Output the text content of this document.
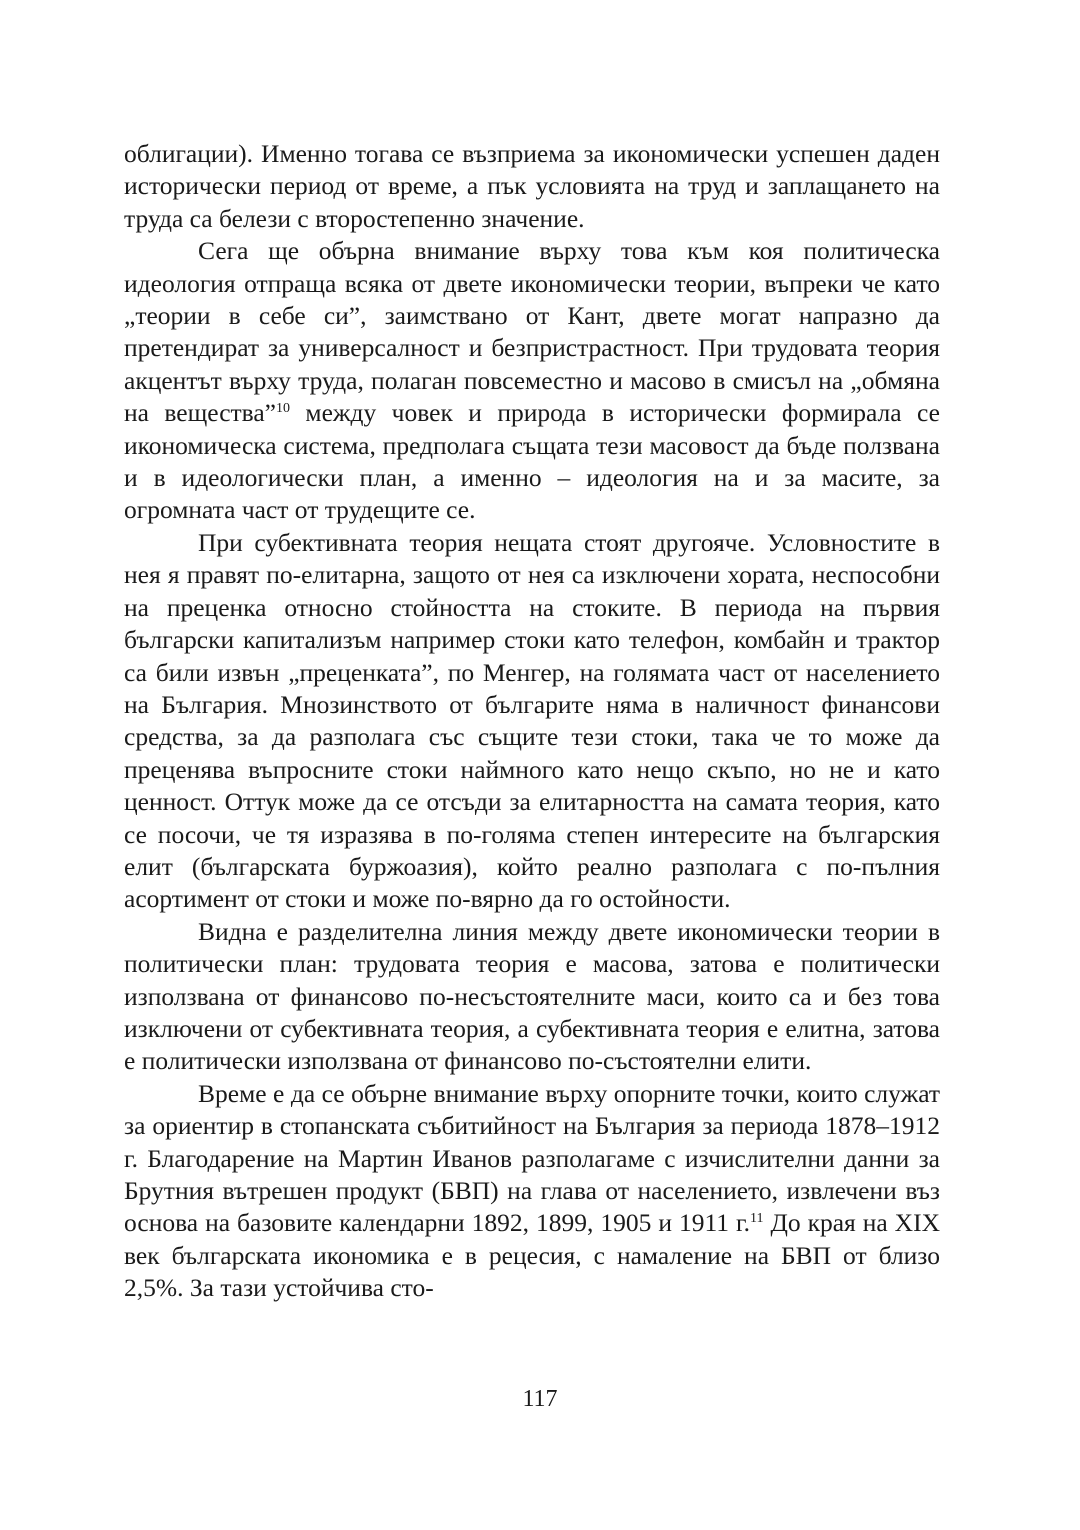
облигации). Именно тогава се възприема за икономически успешен даден исторически период от време, а пък условията на труд и заплащането на труда са белези с второстепенно значение.

Сега ще обърна внимание върху това към коя политическа идеология отпраща всяка от двете икономически теории, въпреки че като „теории в себе си”, заимствано от Кант, двете могат напразно да претендират за универсалност и безпристрастност. При трудовата теория акцентът върху труда, полаган повсеместно и масово в смисъл на „обмяна на вещества”$^{10}$ между човек и природа в исторически формирала се икономическа система, предполага същата тези масовост да бъде ползвана и в идеологически план, а именно – идеология на и за масите, за огромната част от трудещите се.

При субективната теория нещата стоят другояче. Условностите в нея я правят по-елитарна, защото от нея са изключени хората, неспособни на преценка относно стойността на стоките. В периода на първия български капитализъм например стоки като телефон, комбайн и трактор са били извън „преценката”, по Менгер, на голямата част от населението на България. Мнозинството от българите няма в наличност финансови средства, за да разполага със същите тези стоки, така че то може да преценява въпросните стоки наймного като нещо скъпо, но не и като ценност. Оттук може да се отсъди за елитарността на самата теория, като се посочи, че тя изразява в по-голяма степен интересите на българския елит (българската буржоазия), който реално разполага с по-пълния асортимент от стоки и може по-вярно да го остойности.

Видна е разделителна линия между двете икономически теории в политически план: трудовата теория е масова, затова е политически използвана от финансово по-несъстоятелните маси, които са и без това изключени от субективната теория, а субективната теория е елитна, затова е политически използвана от финансово по-състоятелни елити.

Време е да се обърне внимание върху опорните точки, които служат за ориентир в стопанската събитийност на България за периода 1878–1912 г. Благодарение на Мартин Иванов разполагаме с изчислителни данни за Брутния вътрешен продукт (БВП) на глава от населението, извлечени въз основа на базовите календарни 1892, 1899, 1905 и 1911 г.$^{11}$ До края на XIX век българската икономика е в рецесия, с намаление на БВП от близо 2,5%. За тази устойчива сто-

117
